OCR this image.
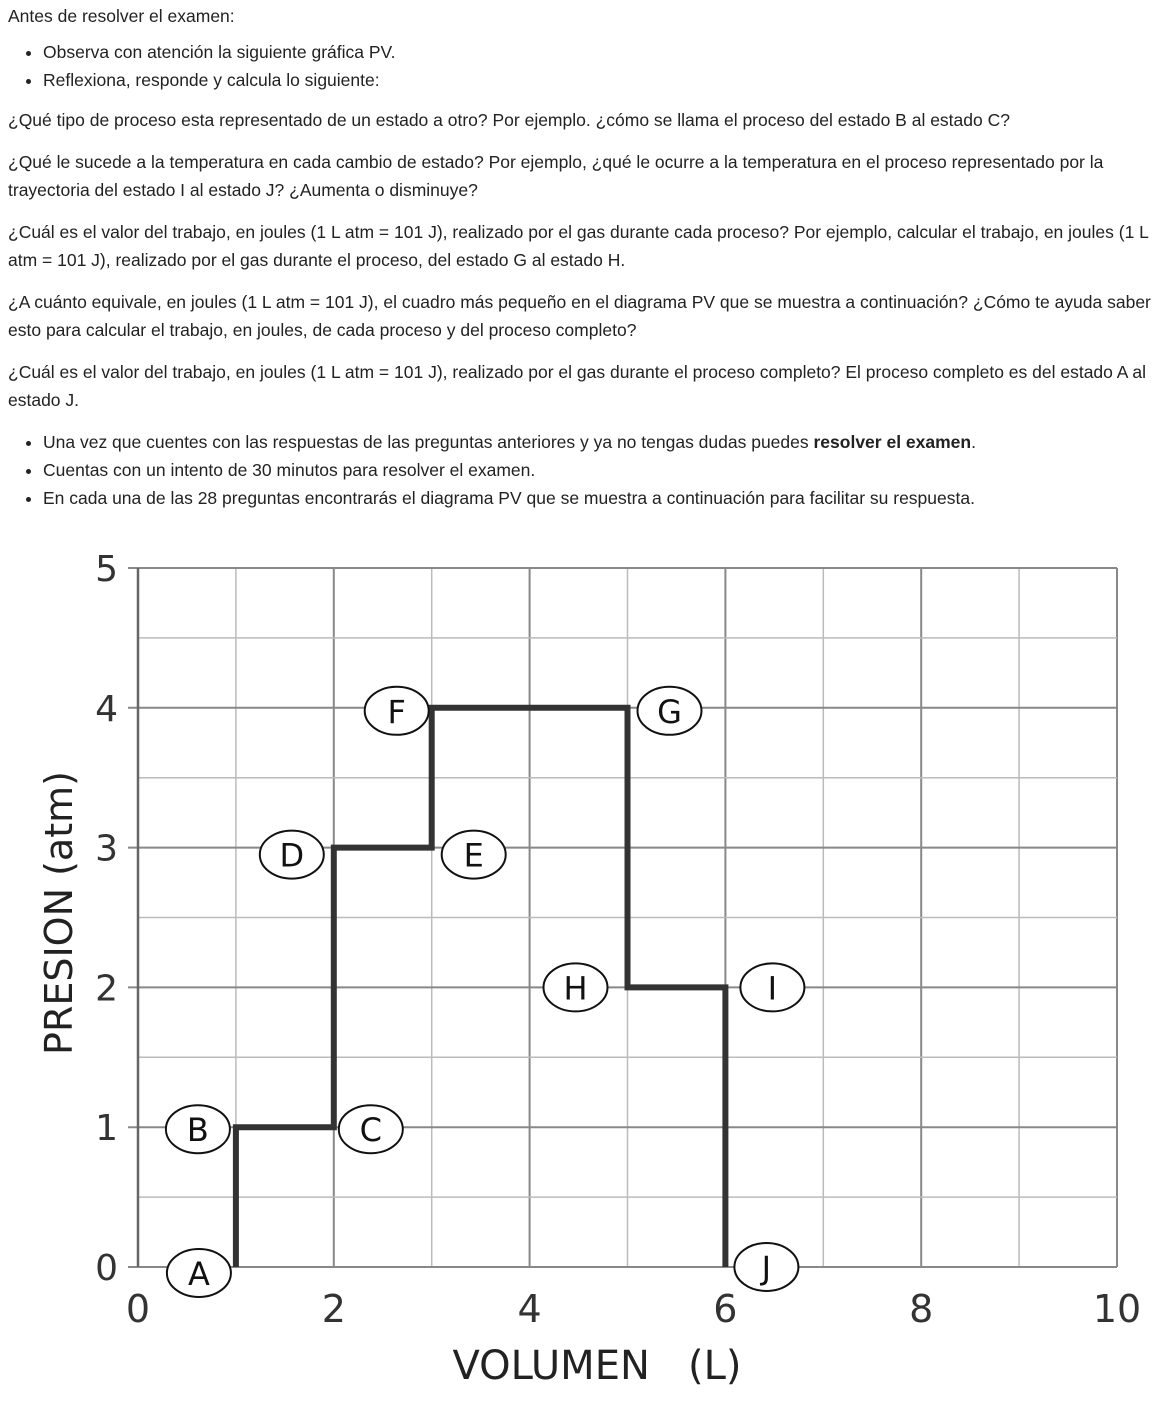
Antes de resolver el examen:
• Observa con atención la siguiente gráfica PV.
• Reflexiona, responde y calcula lo siguiente:

¿Qué tipo de proceso esta representado de un estado a otro? Por ejemplo. ¿cómo se llama el proceso del estado B al estado C?

¿Qué le sucede a la temperatura en cada cambio de estado? Por ejemplo, ¿qué le ocurre a la temperatura en el proceso representado por la trayectoria del estado I al estado J? ¿Aumenta o disminuye?

¿Cuál es el valor del trabajo, en joules (1 L atm = 101 J), realizado por el gas durante cada proceso? Por ejemplo, calcular el trabajo, en joules (1 L atm = 101 J), realizado por el gas durante el proceso, del estado G al estado H.

¿A cuánto equivale, en joules (1 L atm = 101 J), el cuadro más pequeño en el diagrama PV que se muestra a continuación? ¿Cómo te ayuda saber esto para calcular el trabajo, en joules, de cada proceso y del proceso completo?

¿Cuál es el valor del trabajo, en joules (1 L atm = 101 J), realizado por el gas durante el proceso completo? El proceso completo es del estado A al estado J.

• Una vez que cuentes con las respuestas de las preguntas anteriores y ya no tengas dudas puedes resolver el examen.
• Cuentas con un intento de 30 minutos para resolver el examen.
• En cada una de las 28 preguntas encontrarás el diagrama PV que se muestra a continuación para facilitar su respuesta.
0
1
2
3
4
5
0	2	4	6	8	10
A
B	C
D	E
F	G
H	I
J
VOLUMEN   (L)
PRESION (atm)
